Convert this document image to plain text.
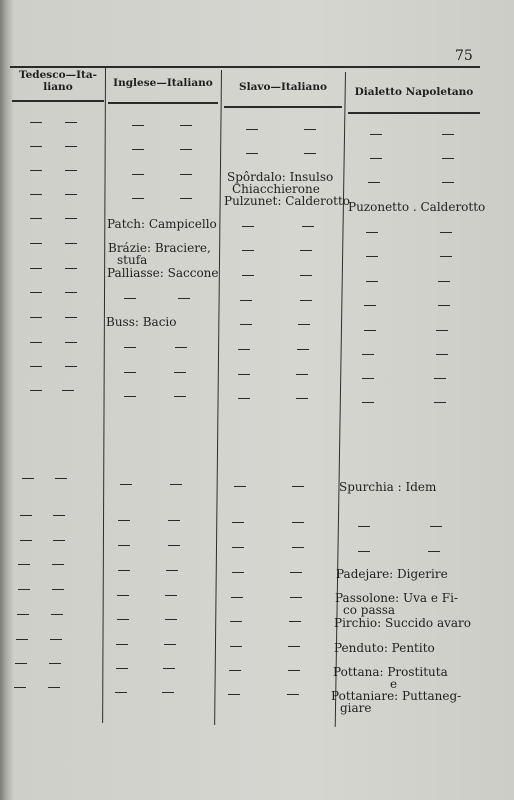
75
Tedesco—Ita-
liano	Inglese—Italiano	Slavo—Italiano	Dialetto Napoletano
Spôrdalo: Insulso
Chiacchierone
Pulzunet: Calderotto
Patch: Campicello
Puzonetto . Calderotto
Brázie: Braciere,
stufa
Palliasse: Saccone
Buss: Bacio
Spurchia : Idem
Padejare: Digerire
Passolone: Uva e Fi-
co passa
Pirchio: Succido avaro
Penduto: Pentito
Pottana: Prostituta
e
Pottaniare: Puttaneg-
giare
